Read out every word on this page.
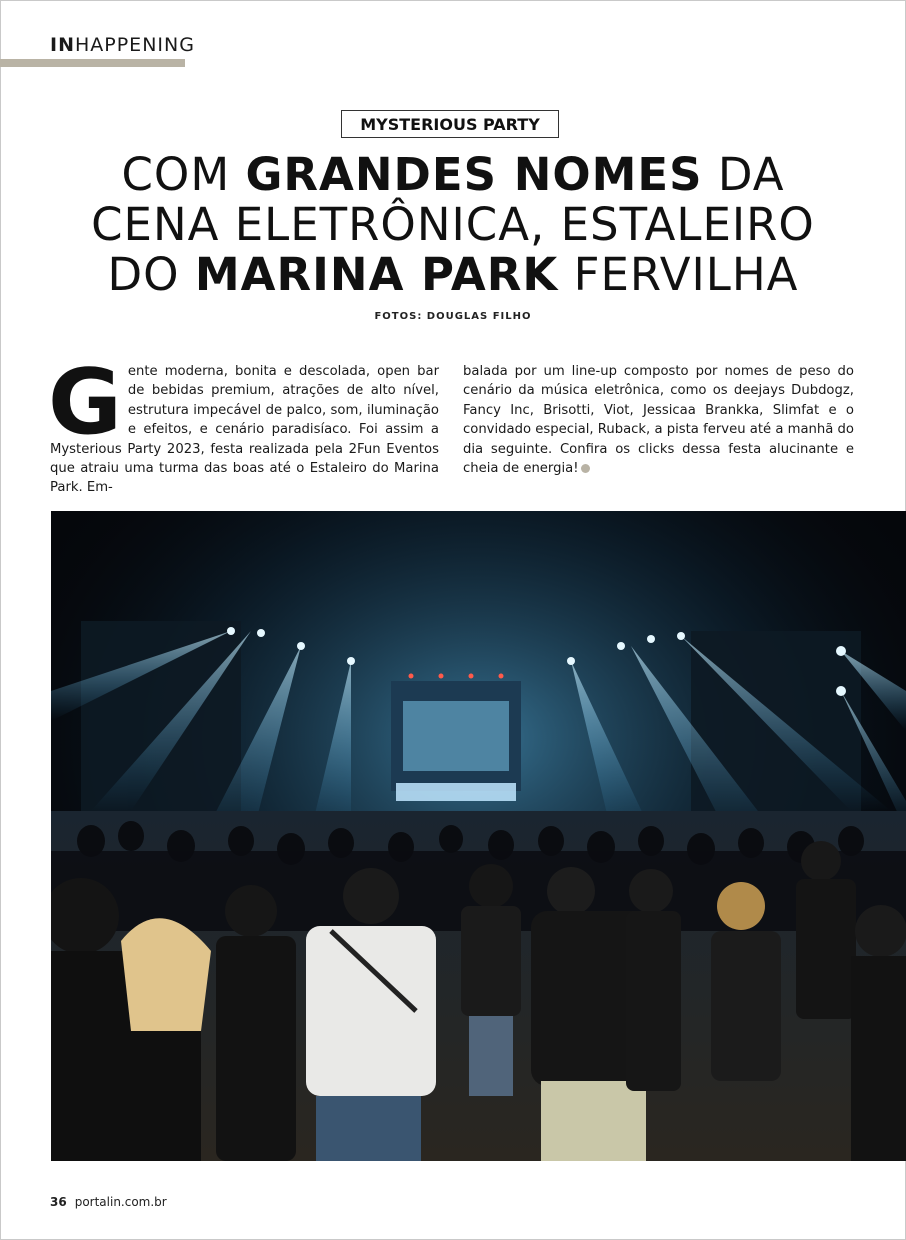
INHAPPENING
MYSTERIOUS PARTY
COM GRANDES NOMES DA
CENA ELETRÔNICA, ESTALEIRO
DO MARINA PARK FERVILHA
FOTOS: DOUGLAS FILHO
G ente moderna, bonita e descolada, open bar de bebidas premium, atrações de alto nível, estrutura impecável de palco, som, iluminação e efeitos, e cenário paradisíaco. Foi assim a Mysterious Party 2023, festa realizada pela 2Fun Eventos que atraiu uma turma das boas até o Estaleiro do Marina Park. Em-
balada por um line-up composto por nomes de peso do cenário da música eletrônica, como os deejays Dubdogz, Fancy Inc, Brisotti, Viot, Jessicaa Brankka, Slimfat e o convidado especial, Ruback, a pista ferveu até a manhã do dia seguinte. Confira os clicks dessa festa alucinante e cheia de energia!
36 portalin.com.br
